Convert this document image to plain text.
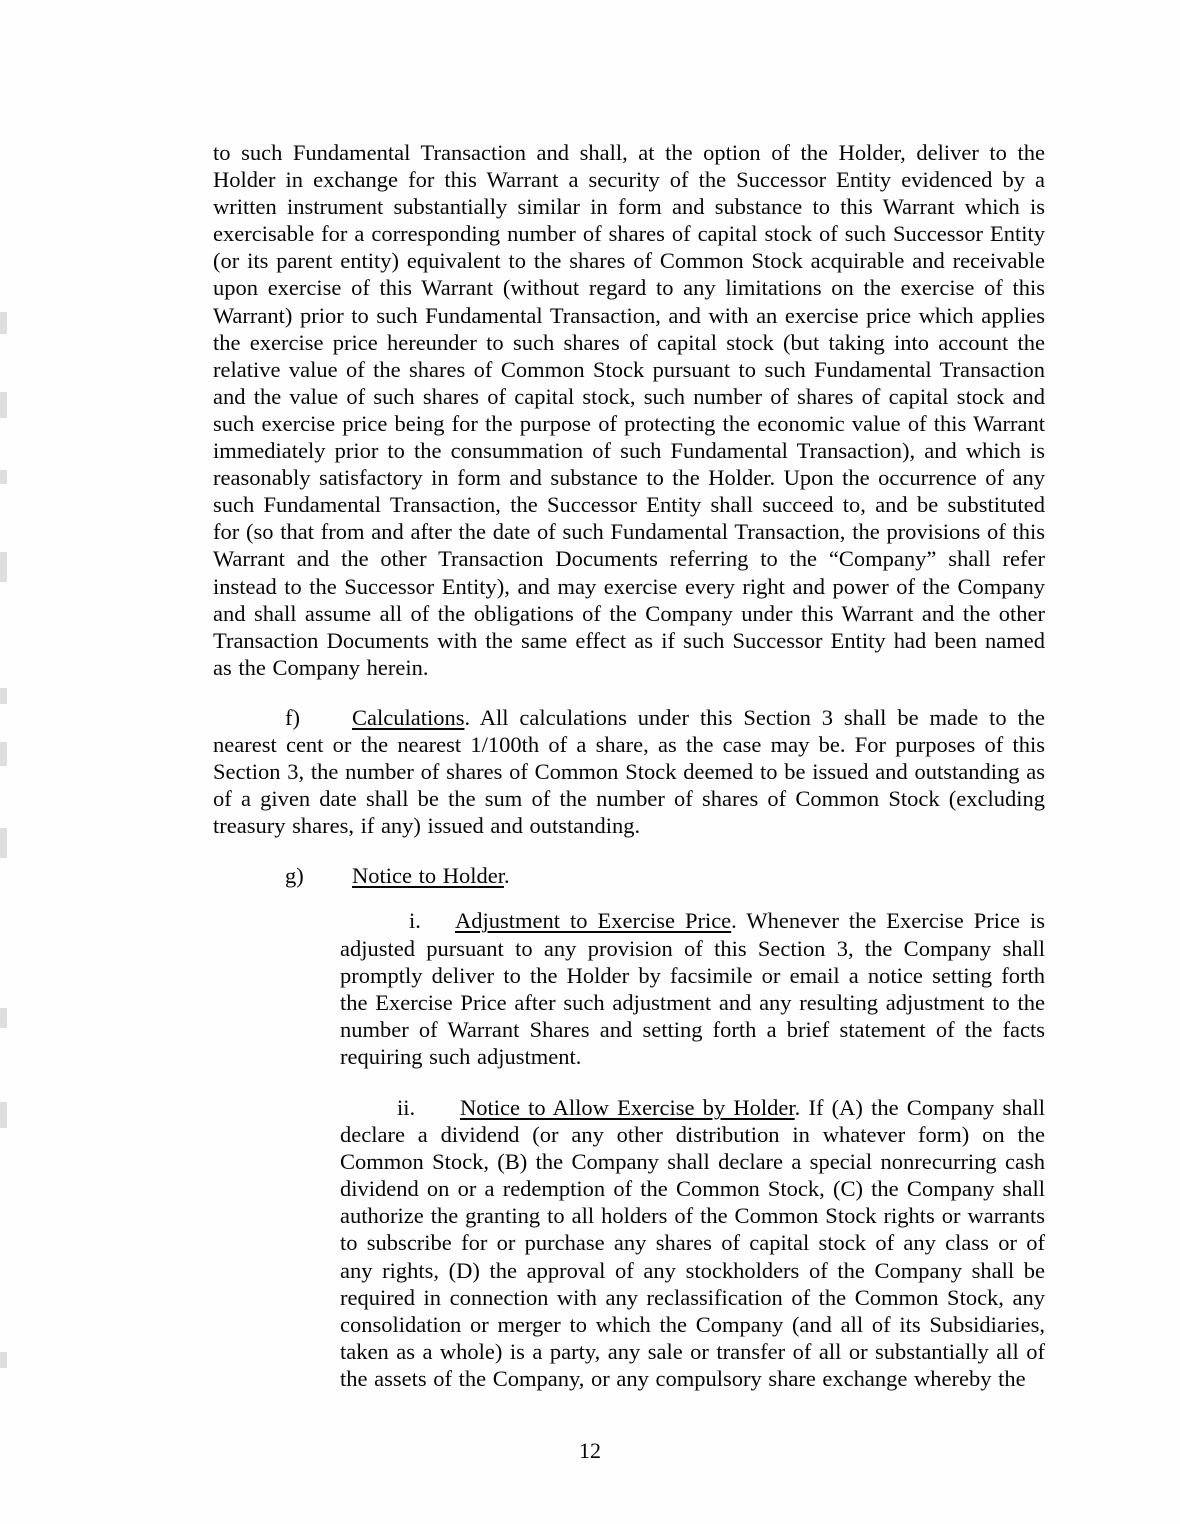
to such Fundamental Transaction and shall, at the option of the Holder, deliver to the Holder in exchange for this Warrant a security of the Successor Entity evidenced by a written instrument substantially similar in form and substance to this Warrant which is exercisable for a corresponding number of shares of capital stock of such Successor Entity (or its parent entity) equivalent to the shares of Common Stock acquirable and receivable upon exercise of this Warrant (without regard to any limitations on the exercise of this Warrant) prior to such Fundamental Transaction, and with an exercise price which applies the exercise price hereunder to such shares of capital stock (but taking into account the relative value of the shares of Common Stock pursuant to such Fundamental Transaction and the value of such shares of capital stock, such number of shares of capital stock and such exercise price being for the purpose of protecting the economic value of this Warrant immediately prior to the consummation of such Fundamental Transaction), and which is reasonably satisfactory in form and substance to the Holder. Upon the occurrence of any such Fundamental Transaction, the Successor Entity shall succeed to, and be substituted for (so that from and after the date of such Fundamental Transaction, the provisions of this Warrant and the other Transaction Documents referring to the “Company” shall refer instead to the Successor Entity), and may exercise every right and power of the Company and shall assume all of the obligations of the Company under this Warrant and the other Transaction Documents with the same effect as if such Successor Entity had been named as the Company herein.

f) Calculations. All calculations under this Section 3 shall be made to the nearest cent or the nearest 1/100th of a share, as the case may be. For purposes of this Section 3, the number of shares of Common Stock deemed to be issued and outstanding as of a given date shall be the sum of the number of shares of Common Stock (excluding treasury shares, if any) issued and outstanding.

g) Notice to Holder.

i. Adjustment to Exercise Price. Whenever the Exercise Price is adjusted pursuant to any provision of this Section 3, the Company shall promptly deliver to the Holder by facsimile or email a notice setting forth the Exercise Price after such adjustment and any resulting adjustment to the number of Warrant Shares and setting forth a brief statement of the facts requiring such adjustment.

ii. Notice to Allow Exercise by Holder. If (A) the Company shall declare a dividend (or any other distribution in whatever form) on the Common Stock, (B) the Company shall declare a special nonrecurring cash dividend on or a redemption of the Common Stock, (C) the Company shall authorize the granting to all holders of the Common Stock rights or warrants to subscribe for or purchase any shares of capital stock of any class or of any rights, (D) the approval of any stockholders of the Company shall be required in connection with any reclassification of the Common Stock, any consolidation or merger to which the Company (and all of its Subsidiaries, taken as a whole) is a party, any sale or transfer of all or substantially all of the assets of the Company, or any compulsory share exchange whereby the

12
